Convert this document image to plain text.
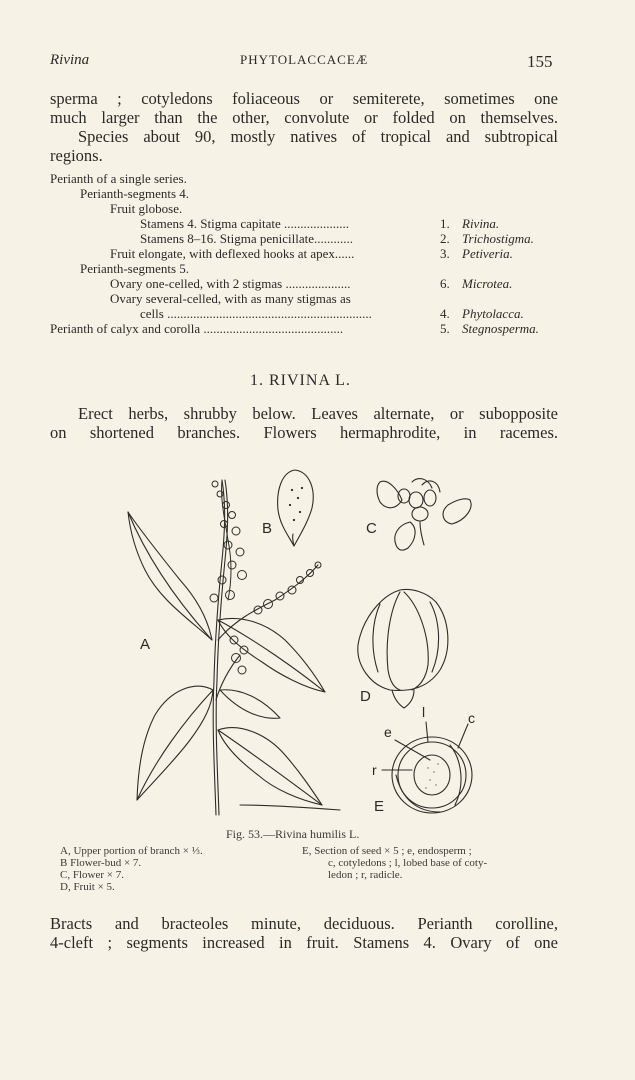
Rivina	PHYTOLACCACEÆ	155
sperma ; cotyledons foliaceous or semiterete, sometimes one
much larger than the other, convolute or folded on themselves.
Species about 90, mostly natives of tropical and subtropical
regions.
Perianth of a single series.
Perianth-segments 4.
Fruit globose.
Stamens 4. Stigma capitate ....................	1. Rivina.
Stamens 8–16. Stigma penicillate............	2. Trichostigma.
Fruit elongate, with deflexed hooks at apex......	3. Petiveria.
Perianth-segments 5.
Ovary one-celled, with 2 stigmas ....................	6. Microtea.
Ovary several-celled, with as many stigmas as
cells ...............................................................	4. Phytolacca.
Perianth of calyx and corolla ...........................................	5. Stegnosperma.
1. RIVINA L.
Erect herbs, shrubby below. Leaves alternate, or subopposite
on shortened branches. Flowers hermaphrodite, in racemes.
A
B	C
D
E
e
l	c
r
Fig. 53.—Rivina humilis L.
A, Upper portion of branch × ⅓.
B Flower-bud × 7.
C, Flower × 7.
D, Fruit × 5.
E, Section of seed × 5 ; e, endosperm ;
c, cotyledons ; l, lobed base of coty-
ledon ; r, radicle.
Bracts and bracteoles minute, deciduous. Perianth corolline,
4-cleft ; segments increased in fruit. Stamens 4. Ovary of one
